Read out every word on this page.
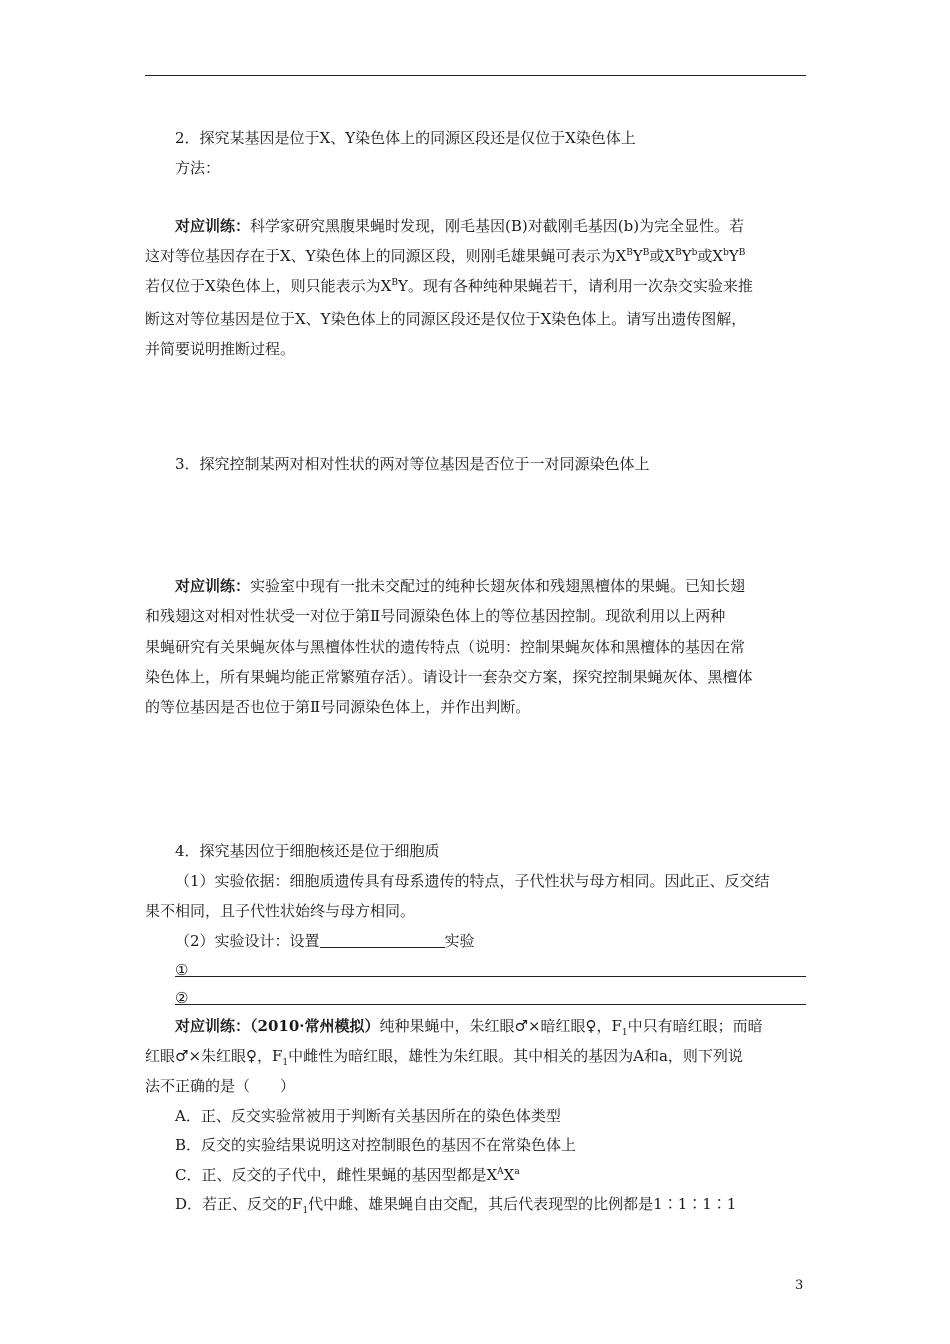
2．探究某基因是位于X、Y染色体上的同源区段还是仅位于X染色体上
方法：
对应训练：科学家研究黑腹果蝇时发现，刚毛基因(B)对截刚毛基因(b)为完全显性。若
这对等位基因存在于X、Y染色体上的同源区段，则刚毛雄果蝇可表示为$X^BY^B$或$X^BY^b$或$X^bY^B$
若仅位于X染色体上，则只能表示为$X^BY$。现有各种纯种果蝇若干，请利用一次杂交实验来推
断这对等位基因是位于X、Y染色体上的同源区段还是仅位于X染色体上。请写出遗传图解，
并简要说明推断过程。
3．探究控制某两对相对性状的两对等位基因是否位于一对同源染色体上
对应训练：实验室中现有一批未交配过的纯种长翅灰体和残翅黑檀体的果蝇。已知长翅
和残翅这对相对性状受一对位于第Ⅱ号同源染色体上的等位基因控制。现欲利用以上两种
果蝇研究有关果蝇灰体与黑檀体性状的遗传特点（说明：控制果蝇灰体和黑檀体的基因在常
染色体上，所有果蝇均能正常繁殖存活）。请设计一套杂交方案，探究控制果蝇灰体、黑檀体
的等位基因是否也位于第Ⅱ号同源染色体上，并作出判断。
4．探究基因位于细胞核还是位于细胞质
（1）实验依据：细胞质遗传具有母系遗传的特点，子代性状与母方相同。因此正、反交结
果不相同，且子代性状始终与母方相同。
（2）实验设计：设置	实验
①
②
对应训练：（2010·常州模拟）纯种果蝇中，朱红眼♂×暗红眼♀，$F_1$中只有暗红眼；而暗
红眼♂×朱红眼♀，$F_1$中雌性为暗红眼，雄性为朱红眼。其中相关的基因为A和a，则下列说
法不正确的是（　　）
A．正、反交实验常被用于判断有关基因所在的染色体类型
B．反交的实验结果说明这对控制眼色的基因不在常染色体上
C．正、反交的子代中，雌性果蝇的基因型都是$X^AX^a$
D．若正、反交的$F_1$代中雌、雄果蝇自由交配，其后代表现型的比例都是1∶1∶1∶1
3
